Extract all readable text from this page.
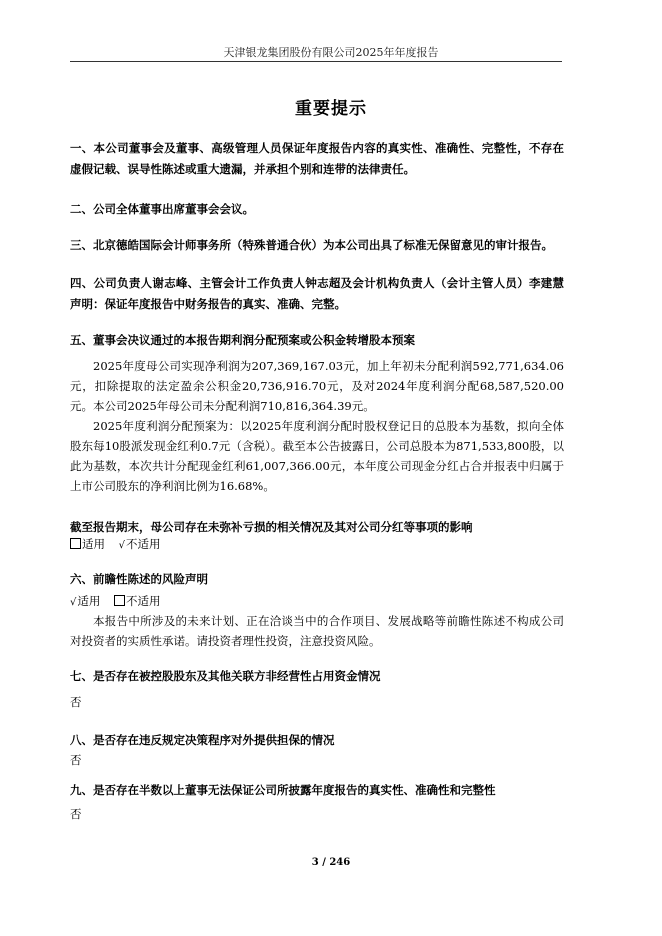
天津银龙集团股份有限公司2025年年度报告
重要提示
一、本公司董事会及董事、高级管理人员保证年度报告内容的真实性、准确性、完整性，不存在虚假记载、误导性陈述或重大遗漏，并承担个别和连带的法律责任。
二、公司全体董事出席董事会会议。
三、北京德皓国际会计师事务所（特殊普通合伙）为本公司出具了标准无保留意见的审计报告。
四、公司负责人谢志峰、主管会计工作负责人钟志超及会计机构负责人（会计主管人员）李建慧声明：保证年度报告中财务报告的真实、准确、完整。
五、董事会决议通过的本报告期利润分配预案或公积金转增股本预案
2025年度母公司实现净利润为207,369,167.03元，加上年初未分配利润592,771,634.06元，扣除提取的法定盈余公积金20,736,916.70元，及对2024年度利润分配68,587,520.00元。本公司2025年母公司未分配利润710,816,364.39元。
2025年度利润分配预案为：以2025年度利润分配时股权登记日的总股本为基数，拟向全体股东每10股派发现金红利0.7元（含税）。截至本公告披露日，公司总股本为871,533,800股，以此为基数，本次共计分配现金红利61,007,366.00元，本年度公司现金分红占合并报表中归属于上市公司股东的净利润比例为16.68%。
截至报告期末，母公司存在未弥补亏损的相关情况及其对公司分红等事项的影响
适用 √不适用
六、前瞻性陈述的风险声明
√适用 不适用
本报告中所涉及的未来计划、正在洽谈当中的合作项目、发展战略等前瞻性陈述不构成公司对投资者的实质性承诺。请投资者理性投资，注意投资风险。
七、是否存在被控股股东及其他关联方非经营性占用资金情况
否
八、是否存在违反规定决策程序对外提供担保的情况
否
九、是否存在半数以上董事无法保证公司所披露年度报告的真实性、准确性和完整性
否
3 / 246
